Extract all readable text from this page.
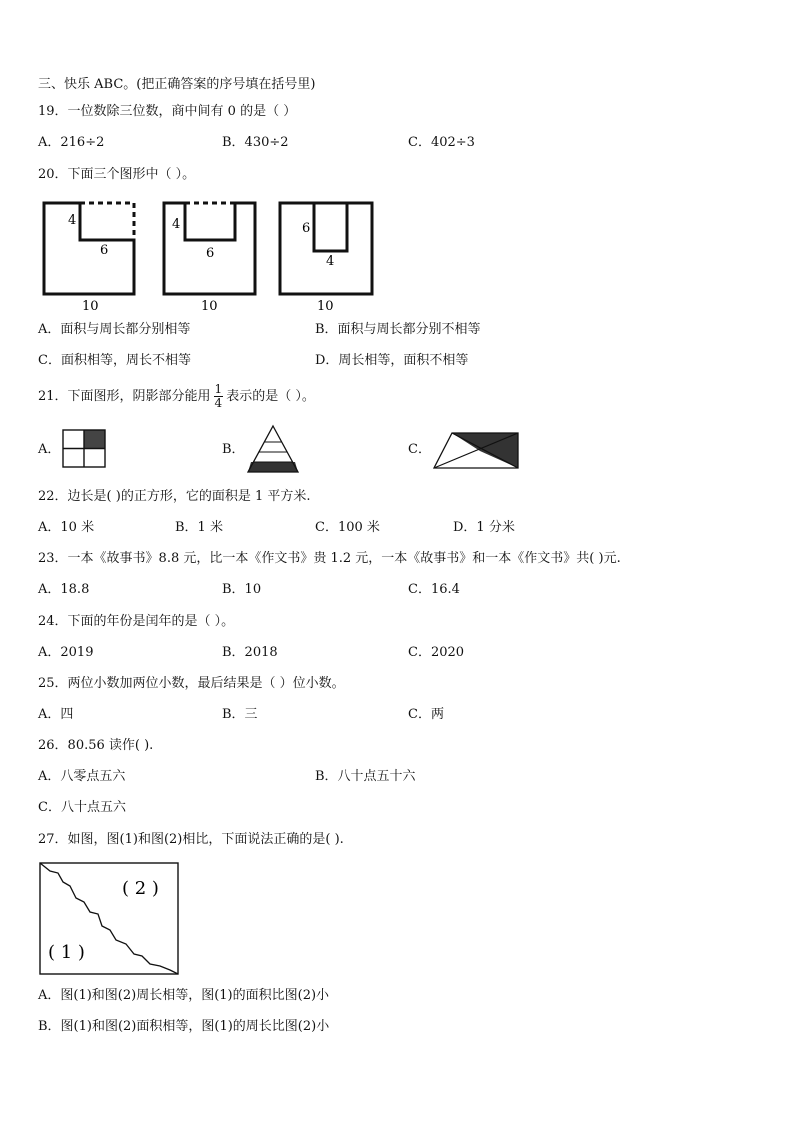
三、快乐 ABC。(把正确答案的序号填在括号里)
19．一位数除三位数，商中间有 0 的是（ ）
A．216÷2	B．430÷2	C．402÷3
20．下面三个图形中（ ）。
4
6
10
4
6
10
6
4
10
A．面积与周长都分别相等	B．面积与周长都分别不相等
C．面积相等，周长不相等	D．周长相等，面积不相等
21．下面图形，阴影部分能用 $\frac{1}{4}$ 表示的是（ ）。
A．	B．	C．
22．边长是( )的正方形，它的面积是 1 平方米.
A．10 米	B．1 米	C．100 米	D．1 分米
23．一本《故事书》8.8 元，比一本《作文书》贵 1.2 元，一本《故事书》和一本《作文书》共( )元.
A．18.8	B．10	C．16.4
24．下面的年份是闰年的是（ ）。
A．2019	B．2018	C．2020
25．两位小数加两位小数，最后结果是（ ）位小数。
A．四	B．三	C．两
26．80.56 读作( ).
A．八零点五六	B．八十点五十六
C．八十点五六
27．如图，图(1)和图(2)相比，下面说法正确的是( ).
( 2 )
( 1 )
A．图(1)和图(2)周长相等，图(1)的面积比图(2)小
B．图(1)和图(2)面积相等，图(1)的周长比图(2)小
